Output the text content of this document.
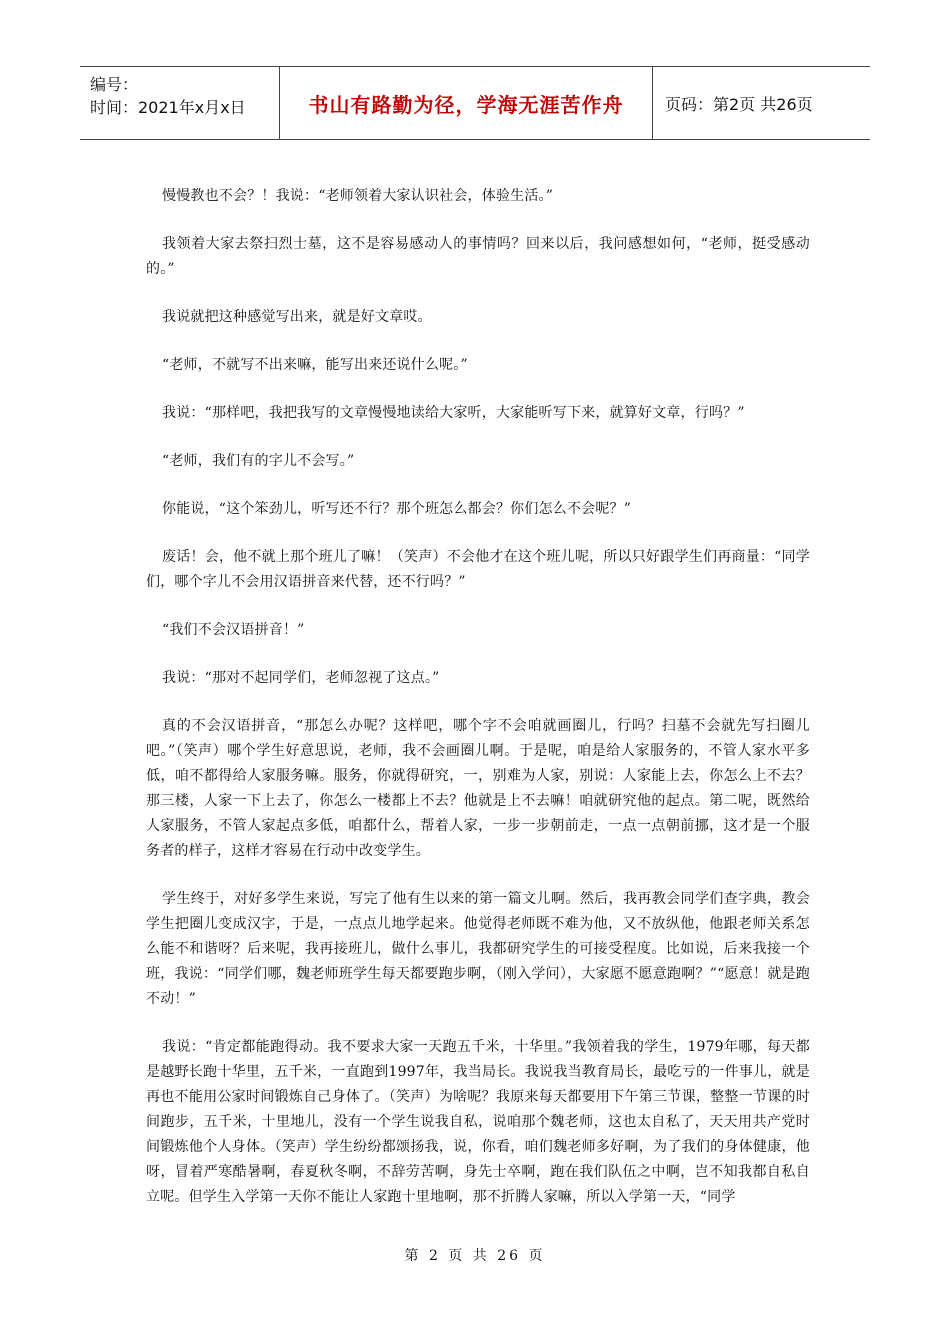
编号：
时间：2021年x月x日	书山有路勤为径，学海无涯苦作舟	页码：第2页 共26页

慢慢教也不会？！我说：“老师领着大家认识社会，体验生活。”

我领着大家去祭扫烈士墓，这不是容易感动人的事情吗？回来以后，我问感想如何，“老师，挺受感动的。”

我说就把这种感觉写出来，就是好文章哎。

“老师，不就写不出来嘛，能写出来还说什么呢。”

我说：“那样吧，我把我写的文章慢慢地读给大家听，大家能听写下来，就算好文章，行吗？”

“老师，我们有的字儿不会写。”

你能说，“这个笨劲儿，听写还不行？那个班怎么都会？你们怎么不会呢？”

废话！会，他不就上那个班儿了嘛！（笑声）不会他才在这个班儿呢，所以只好跟学生们再商量：“同学们，哪个字儿不会用汉语拼音来代替，还不行吗？”

“我们不会汉语拼音！”

我说：“那对不起同学们，老师忽视了这点。”

真的不会汉语拼音，“那怎么办呢？这样吧，哪个字不会咱就画圈儿，行吗？扫墓不会就先写扫圈儿吧。”（笑声）哪个学生好意思说，老师，我不会画圈儿啊。于是呢，咱是给人家服务的，不管人家水平多低，咱不都得给人家服务嘛。服务，你就得研究，一，别难为人家，别说：人家能上去，你怎么上不去？那三楼，人家一下上去了，你怎么一楼都上不去？他就是上不去嘛！咱就研究他的起点。第二呢，既然给人家服务，不管人家起点多低，咱都什么，帮着人家，一步一步朝前走，一点一点朝前挪，这才是一个服务者的样子，这样才容易在行动中改变学生。

学生终于，对好多学生来说，写完了他有生以来的第一篇文儿啊。然后，我再教会同学们查字典，教会学生把圈儿变成汉字，于是，一点点儿地学起来。他觉得老师既不难为他，又不放纵他，他跟老师关系怎么能不和谐呀？后来呢，我再接班儿，做什么事儿，我都研究学生的可接受程度。比如说，后来我接一个班，我说：“同学们哪，魏老师班学生每天都要跑步啊，（刚入学问），大家愿不愿意跑啊？”“愿意！就是跑不动！”

我说：“肯定都能跑得动。我不要求大家一天跑五千米，十华里。”我领着我的学生，1979年哪，每天都是越野长跑十华里，五千米，一直跑到1997年，我当局长。我说我当教育局长，最吃亏的一件事儿，就是再也不能用公家时间锻炼自己身体了。（笑声）为啥呢？我原来每天都要用下午第三节课，整整一节课的时间跑步，五千米，十里地儿，没有一个学生说我自私，说咱那个魏老师，这也太自私了，天天用共产党时间锻炼他个人身体。（笑声）学生纷纷都颂扬我，说，你看，咱们魏老师多好啊，为了我们的身体健康，他呀，冒着严寒酷暑啊，春夏秋冬啊，不辞劳苦啊，身先士卒啊，跑在我们队伍之中啊，岂不知我都自私自立呢。但学生入学第一天你不能让人家跑十里地啊，那不折腾人家嘛，所以入学第一天，“同学

第 2 页 共 26 页
